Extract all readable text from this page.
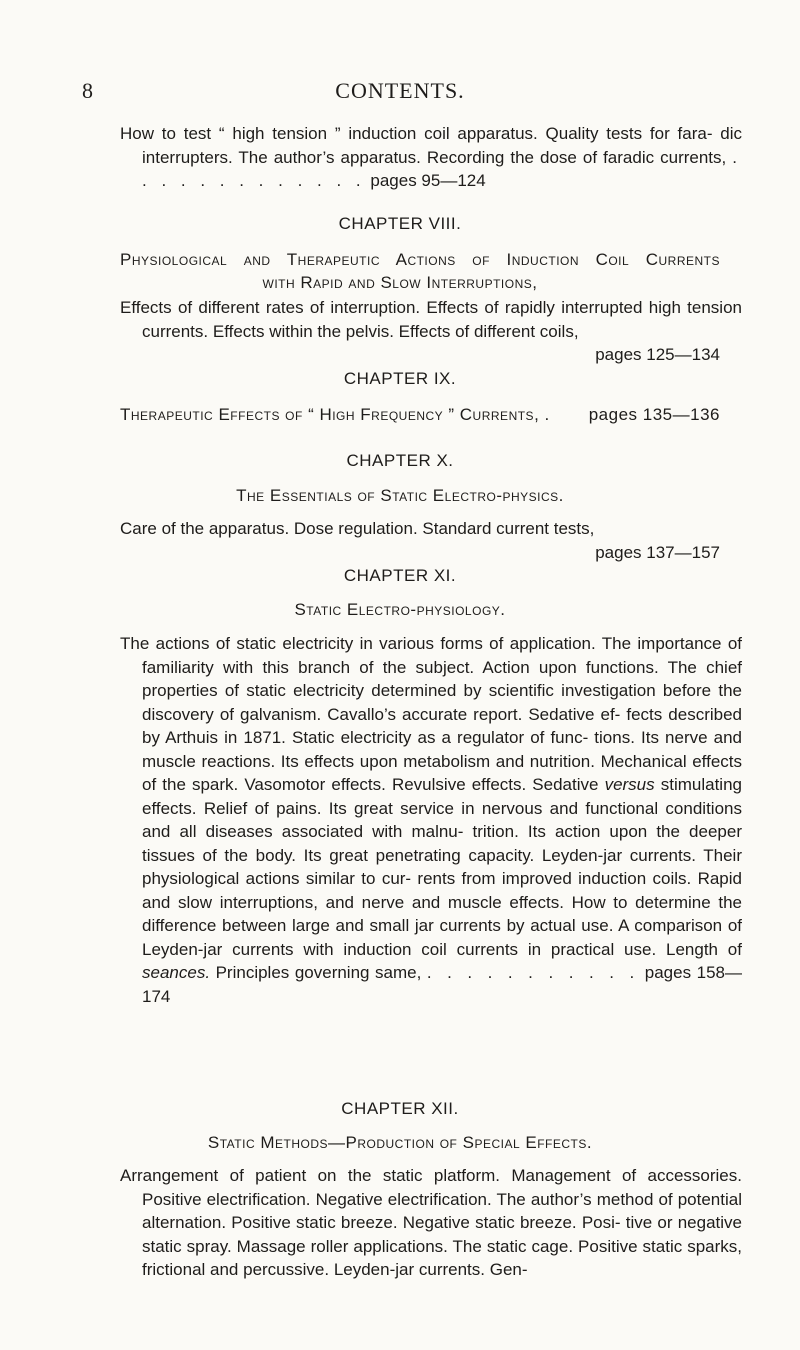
8	CONTENTS.

How to test “ high tension ” induction coil apparatus. Quality tests for fara- dic interrupters. The author’s apparatus. Recording the dose of faradic currents, . . . . . . . . . . . . . pages 95—124

CHAPTER VIII.

Physiological and Therapeutic Actions of Induction Coil Currents

with Rapid and Slow Interruptions,

Effects of different rates of interruption. Effects of rapidly interrupted high tension currents. Effects within the pelvis. Effects of different coils,

pages 125—134

CHAPTER IX.

Therapeutic Effects of “ High Frequency ” Currents, . pages 135—136

CHAPTER X.

The Essentials of Static Electro-physics.

Care of the apparatus. Dose regulation. Standard current tests,

pages 137—157

CHAPTER XI.

Static Electro-physiology.

The actions of static electricity in various forms of application. The importance of familiarity with this branch of the subject. Action upon functions. The chief properties of static electricity determined by scientific investigation before the discovery of galvanism. Cavallo’s accurate report. Sedative ef- fects described by Arthuis in 1871. Static electricity as a regulator of func- tions. Its nerve and muscle reactions. Its effects upon metabolism and nutrition. Mechanical effects of the spark. Vasomotor effects. Revulsive effects. Sedative versus stimulating effects. Relief of pains. Its great service in nervous and functional conditions and all diseases associated with malnu- trition. Its action upon the deeper tissues of the body. Its great penetrating capacity. Leyden-jar currents. Their physiological actions similar to cur- rents from improved induction coils. Rapid and slow interruptions, and nerve and muscle effects. How to determine the difference between large and small jar currents by actual use. A comparison of Leyden-jar currents with induction coil currents in practical use. Length of seances. Principles governing same, . . . . . . . . . . . pages 158—174

CHAPTER XII.

Static Methods—Production of Special Effects.

Arrangement of patient on the static platform. Management of accessories. Positive electrification. Negative electrification. The author’s method of potential alternation. Positive static breeze. Negative static breeze. Posi- tive or negative static spray. Massage roller applications. The static cage. Positive static sparks, frictional and percussive. Leyden-jar currents. Gen-
